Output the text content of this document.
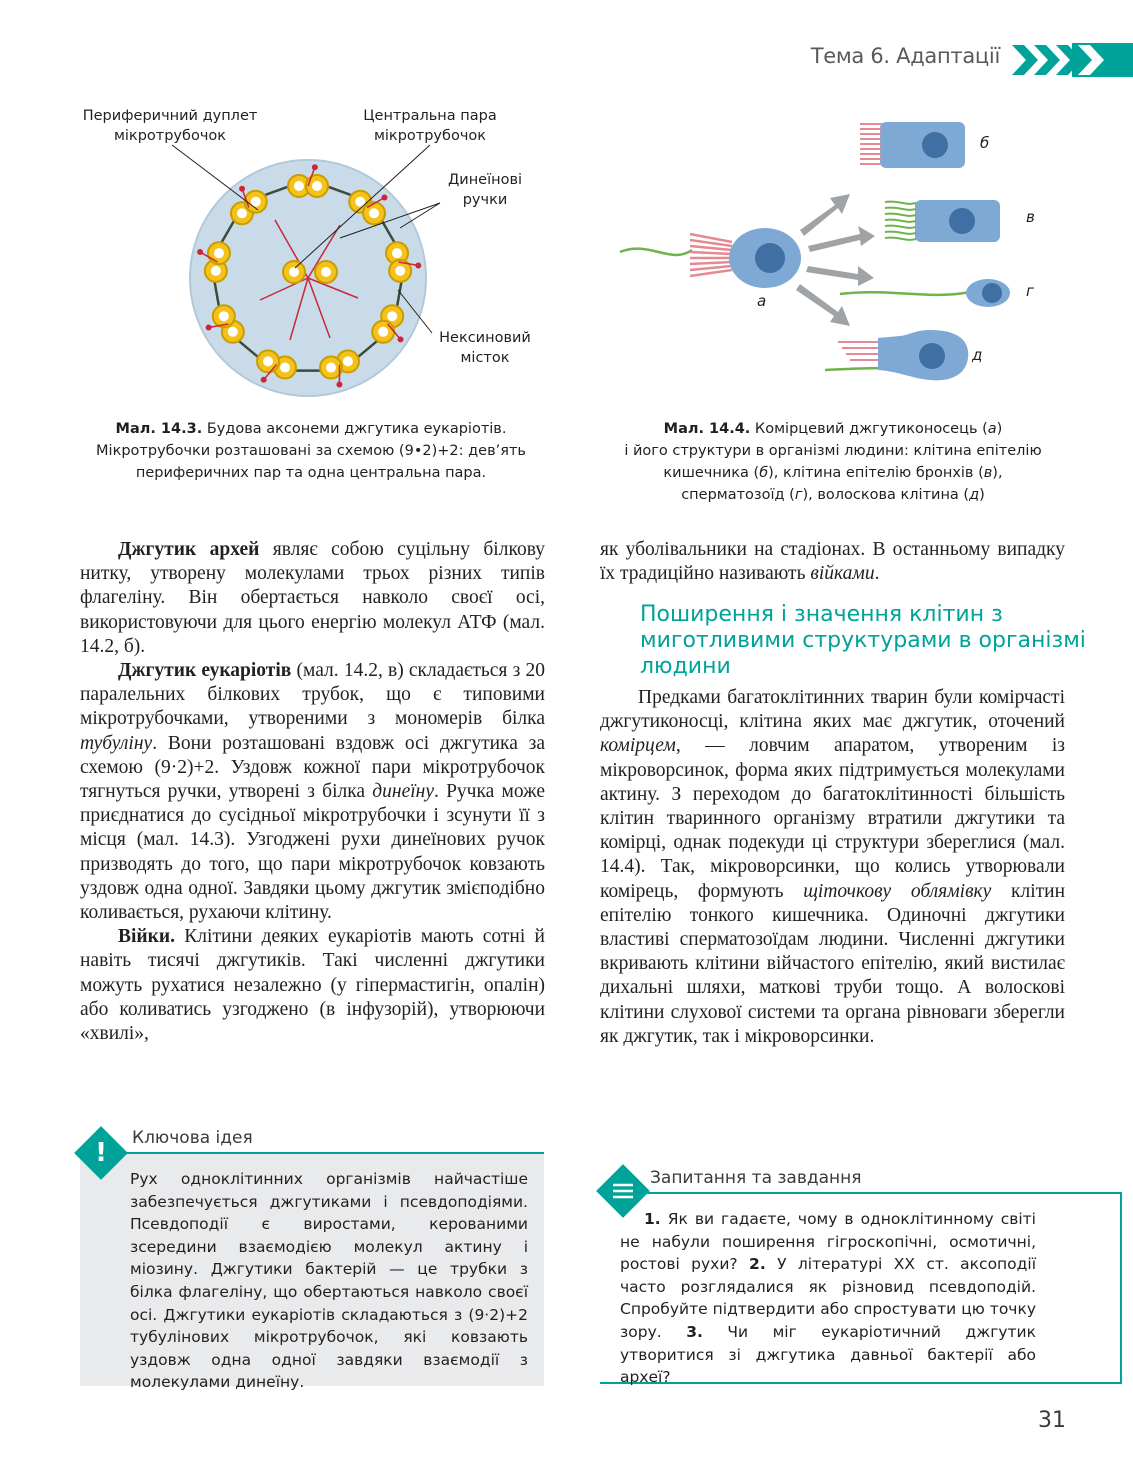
Тема 6. Адаптації
Периферичний дуплет
мікротрубочок
Центральна пара
мікротрубочок
Динеїнові
ручки
Нексиновий
місток
Мал. 14.3. Будова аксонеми джгутика еукаріотів.
Мікротрубочки розташовані за схемою (9•2)+2: дев’ять
периферичних пар та одна центральна пара.
а
б
в
г
д
Мал. 14.4. Комірцевий джгутиконосець (а)
і його структури в організмі людини: клітина епітелію
кишечника (б), клітина епітелію бронхів (в),
сперматозоїд (г), волоскова клітина (д)

Джгутик архей являє собою суцільну білкову нитку, утворену молекулами трьох різних типів флагеліну. Він обертається навколо своєї осі, використовуючи для цього енергію молекул АТФ (мал. 14.2, б).

Джгутик еукаріотів (мал. 14.2, в) складається з 20 паралельних білкових трубок, що є типовими мікротрубочками, утвореними з мономерів білка тубуліну. Вони розташовані вздовж осі джгутика за схемою (9·2)+2. Уздовж кожної пари мікротрубочок тягнуться ручки, утворені з білка динеїну. Ручка може приєднатися до сусідньої мікротрубочки і зсунути її з місця (мал. 14.3). Узгоджені рухи динеїнових ручок призводять до того, що пари мікротрубочок ковзають уздовж одна одної. Завдяки цьому джгутик змієподібно коливається, рухаючи клітину.

Війки. Клітини деяких еукаріотів мають сотні й навіть тисячі джгутиків. Такі численні джгутики можуть рухатися незалежно (у гіпермастигін, опалін) або коливатись узгоджено (в інфузорій), утворюючи «хвилі»,

як уболівальники на стадіонах. В останньому випадку їх традиційно називають війками.

Поширення і значення клітин з миготливими структурами в організмі людини

Предками багатоклітинних тварин були комірчасті джгутиконосці, клітина яких має джгутик, оточений комірцем, — ловчим апаратом, утвореним із мікроворсинок, форма яких підтримується молекулами актину. З переходом до багатоклітинності більшість клітин тваринного організму втратили джгутики та комірці, однак подекуди ці структури збереглися (мал. 14.4). Так, мікроворсинки, що колись утворювали комірець, формують щіточкову облямівку клітин епітелію тонкого кишечника. Одиночні джгутики властиві сперматозоїдам людини. Численні джгутики вкривають клітини війчастого епітелію, який вистилає дихальні шляхи, маткові труби тощо. А волоскові клітини слухової системи та органа рівноваги зберегли як джгутик, так і мікроворсинки.

!	Ключова ідея
Рух одноклітинних організмів найчастіше забезпечується джгутиками і псевдоподіями. Псевдоподії є виростами, керованими зсередини взаємодією молекул актину і міозину. Джгутики бактерій — це трубки з білка флагеліну, що обертаються навколо своєї осі. Джгутики еукаріотів складаються з (9·2)+2 тубулінових мікротрубочок, які ковзають уздовж одна одної завдяки взаємодії з молекулами динеїну.
Запитання та завдання
1. Як ви гадаєте, чому в одноклітинному світі не набули поширення гігроскопічні, осмотичні, ростові рухи? 2. У літературі XX ст. аксоподії часто розглядалися як різновид псевдоподій. Спробуйте підтвердити або спростувати цю точку зору. 3. Чи міг еукаріотичний джгутик утворитися зі джгутика давньої бактерії або археї?
31
